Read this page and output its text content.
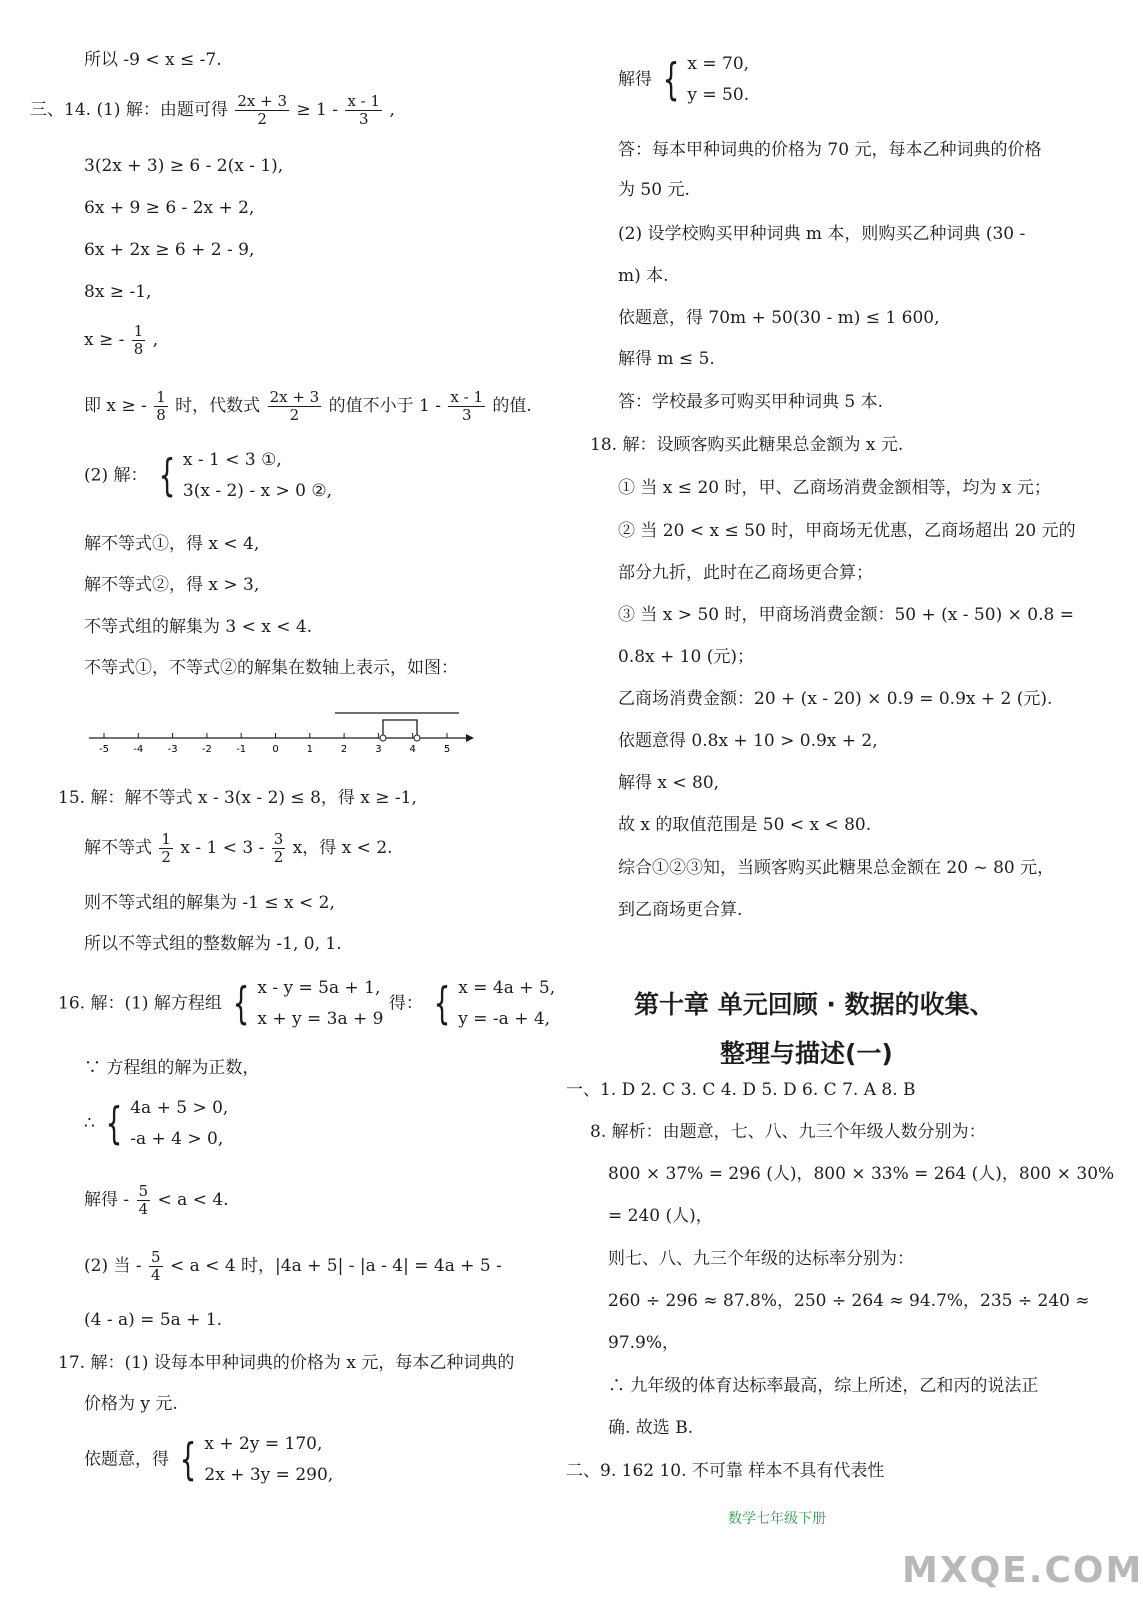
所以 -9 < x ≤ -7.
三、14. (1) 解：由题可得 $\frac{2x + 3}{2} \ge 1 - \frac{x - 1}{3}$ ,
3(2x + 3) ≥ 6 - 2(x - 1),
6x + 9 ≥ 6 - 2x + 2,
6x + 2x ≥ 6 + 2 - 9,
8x ≥ -1,
x ≥ - $\frac{1}{8}$ ,
即 x ≥ - $\frac{1}{8}$ 时，代数式 $\frac{2x + 3}{2}$ 的值不小于 $1 - \frac{x - 1}{3}$ 的值.
(2) 解： { x - 1 < 3 ①,
3(x - 2) - x > 0 ②,
解不等式①，得 x < 4,
解不等式②，得 x > 3,
不等式组的解集为 3 < x < 4.
不等式①，不等式②的解集在数轴上表示，如图：
-5 -4 -3 -2 -1	0	1	2	3	4	5
15. 解：解不等式 x - 3(x - 2) ≤ 8，得 x ≥ -1,
解不等式 $\frac{1}{2}$ $x - 1 < 3 - \frac{3}{2}$ x，得 x < 2.
则不等式组的解集为 -1 ≤ x < 2,
所以不等式组的整数解为 -1, 0, 1.
16. 解：(1) 解方程组 { x - y = 5a + 1,
x + y = 3a + 9
得： { x = 4a + 5,
y = -a + 4,
∵ 方程组的解为正数，
∴ { 4a + 5 > 0,
-a + 4 > 0,
解得 - $\frac{5}{4} < a < 4$.
(2) 当 - $\frac{5}{4} < a < 4$ 时，|4a + 5| - |a - 4| = 4a + 5 -
(4 - a) = 5a + 1.
17. 解：(1) 设每本甲种词典的价格为 x 元，每本乙种词典的
价格为 y 元.
依题意，得 { x + 2y = 170,
2x + 3y = 290,
解得 { x = 70,
y = 50.
答：每本甲种词典的价格为 70 元，每本乙种词典的价格
为 50 元.
(2) 设学校购买甲种词典 m 本，则购买乙种词典 (30 -
m) 本.
依题意，得 70m + 50(30 - m) ≤ 1 600,
解得 m ≤ 5.
答：学校最多可购买甲种词典 5 本.
18. 解：设顾客购买此糖果总金额为 x 元.
① 当 x ≤ 20 时，甲、乙商场消费金额相等，均为 x 元；
② 当 20 < x ≤ 50 时，甲商场无优惠，乙商场超出 20 元的
部分九折，此时在乙商场更合算；
③ 当 x > 50 时，甲商场消费金额：50 + (x - 50) × 0.8 =
0.8x + 10 (元)；
乙商场消费金额：20 + (x - 20) × 0.9 = 0.9x + 2 (元).
依题意得 0.8x + 10 > 0.9x + 2,
解得 x < 80,
故 x 的取值范围是 50 < x < 80.
综合①②③知，当顾客购买此糖果总金额在 20 ~ 80 元，
到乙商场更合算.
第十章 单元回顾 · 数据的收集、
整理与描述(一)
一、1. D 2. C 3. C 4. D 5. D 6. C 7. A 8. B
8. 解析：由题意，七、八、九三个年级人数分别为：
800 × 37% = 296 (人)，800 × 33% = 264 (人)，800 × 30%
= 240 (人)，
则七、八、九三个年级的达标率分别为：
260 ÷ 296 ≈ 87.8%，250 ÷ 264 ≈ 94.7%，235 ÷ 240 ≈
97.9%，
∴ 九年级的体育达标率最高，综上所述，乙和丙的说法正
确. 故选 B.
二、9. 162 10. 不可靠 样本不具有代表性
数学七年级下册
MXQE.COM
